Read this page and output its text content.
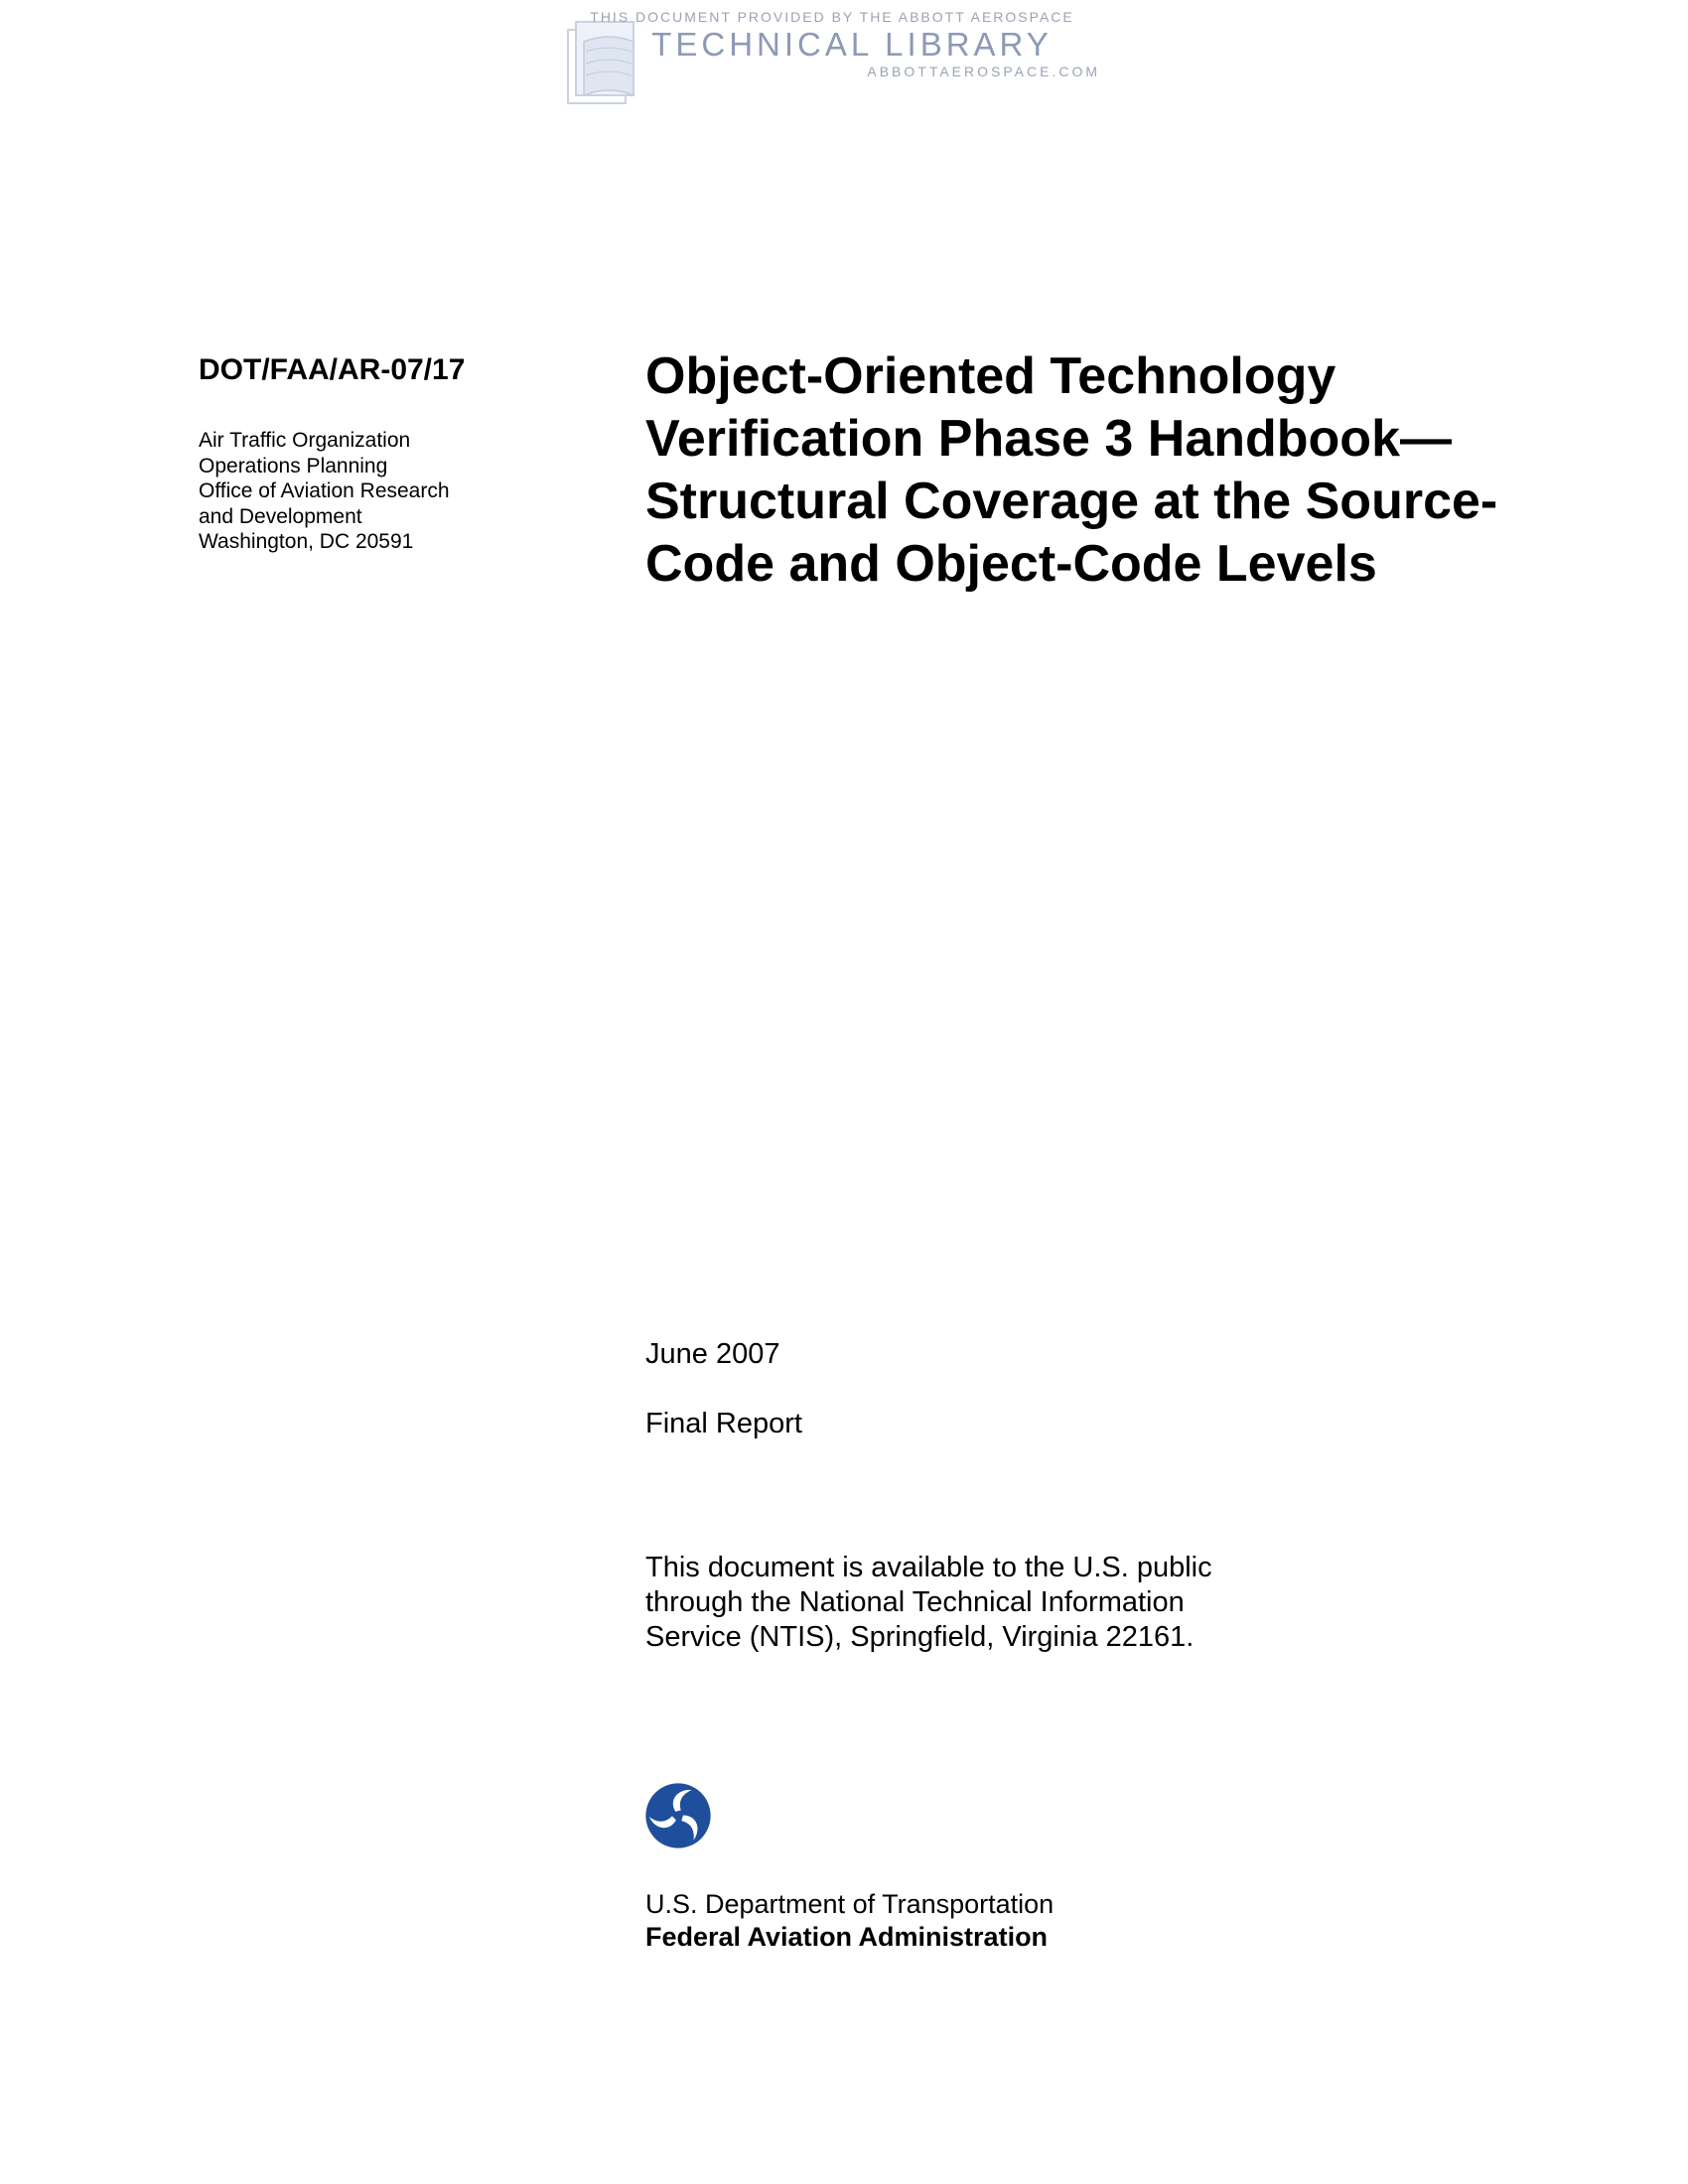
THIS DOCUMENT PROVIDED BY THE ABBOTT AEROSPACE
TECHNICAL LIBRARY
ABBOTTAEROSPACE.COM
DOT/FAA/AR-07/17
Air Traffic Organization
Operations Planning
Office of Aviation Research
and Development
Washington, DC 20591
Object-Oriented Technology
Verification Phase 3 Handbook—
Structural Coverage at the Source-
Code and Object-Code Levels
June 2007
Final Report
This document is available to the U.S. public
through the National Technical Information
Service (NTIS), Springfield, Virginia 22161.
U.S. Department of Transportation
Federal Aviation Administration
